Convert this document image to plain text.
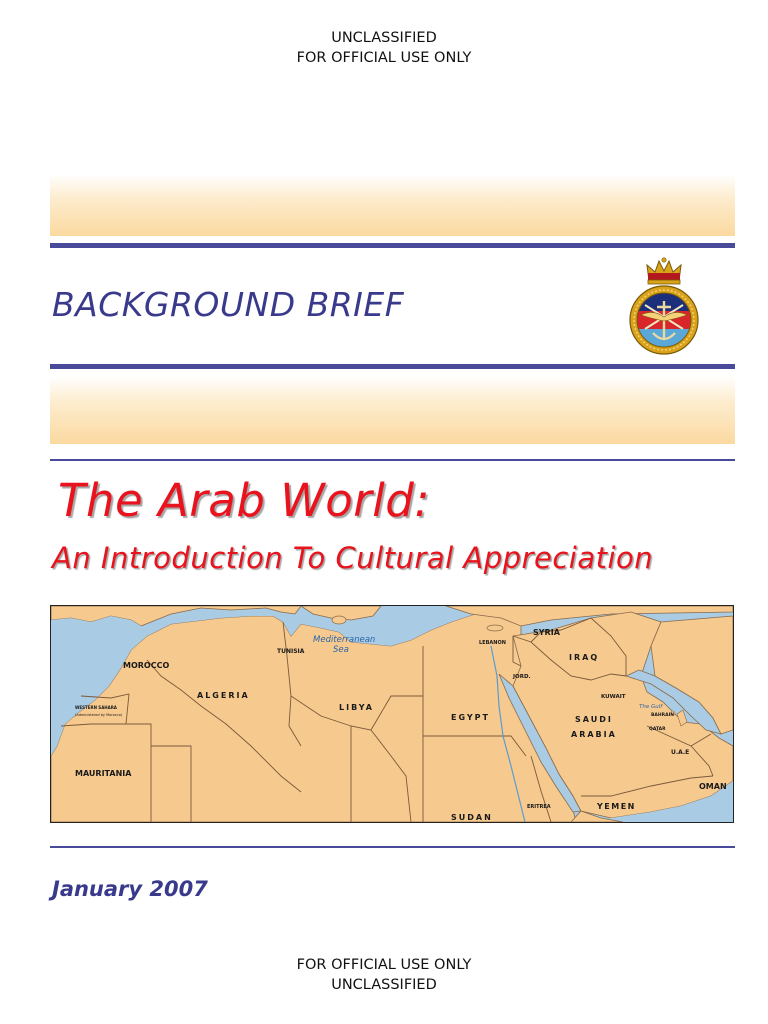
UNCLASSIFIED
FOR OFFICIAL USE ONLY
BACKGROUND BRIEF
The Arab World:
An Introduction To Cultural Appreciation
Mediterranean
Sea
MOROCCO
TUNISIA
ALGERIA
LIBYA
EGYPT
SYRIA
LEBANON
JORD.
IRAQ
KUWAIT
The Gulf
BAHRAIN
QATAR
U.A.E
OMAN
SAUDI
ARABIA
YEMEN
SUDAN
ERITREA
WESTERN SAHARA
(Administered by Morocco)
MAURITANIA
January 2007
FOR OFFICIAL USE ONLY
UNCLASSIFIED
